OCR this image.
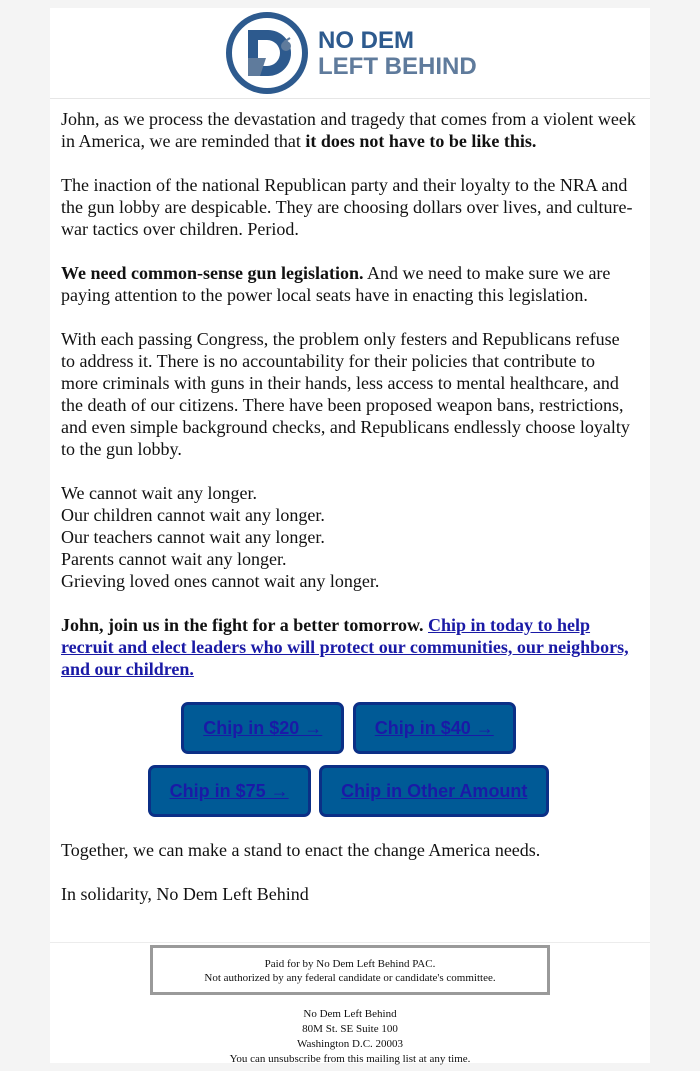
NO DEM
LEFT BEHIND

John, as we process the devastation and tragedy that comes from a violent week in America, we are reminded that it does not have to be like this.

The inaction of the national Republican party and their loyalty to the NRA and the gun lobby are despicable. They are choosing dollars over lives, and culture-war tactics over children. Period.

We need common-sense gun legislation. And we need to make sure we are paying attention to the power local seats have in enacting this legislation.

With each passing Congress, the problem only festers and Republicans refuse to address it. There is no accountability for their policies that contribute to more criminals with guns in their hands, less access to mental healthcare, and the death of our citizens. There have been proposed weapon bans, restrictions, and even simple background checks, and Republicans endlessly choose loyalty to the gun lobby.

We cannot wait any longer.
Our children cannot wait any longer.
Our teachers cannot wait any longer.
Parents cannot wait any longer.
Grieving loved ones cannot wait any longer.

John, join us in the fight for a better tomorrow. Chip in today to help recruit and elect leaders who will protect our communities, our neighbors, and our children.

Chip in $20 →	Chip in $40 →
Chip in $75 →	Chip in Other Amount

Together, we can make a stand to enact the change America needs.

In solidarity, No Dem Left Behind

Paid for by No Dem Left Behind PAC.
Not authorized by any federal candidate or candidate's committee.
No Dem Left Behind
80M St. SE Suite 100
Washington D.C. 20003
You can unsubscribe from this mailing list at any time.
